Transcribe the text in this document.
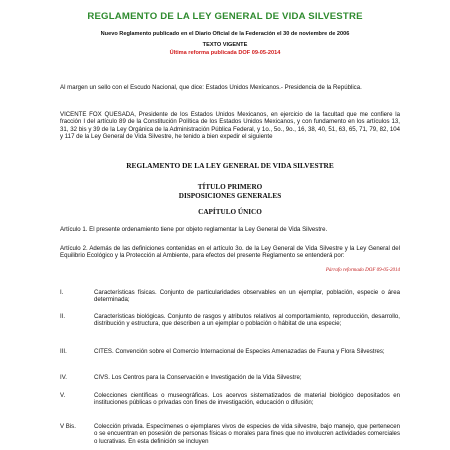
REGLAMENTO DE LA LEY GENERAL DE VIDA SILVESTRE
Nuevo Reglamento publicado en el Diario Oficial de la Federación el 30 de noviembre de 2006
TEXTO VIGENTE
Última reforma publicada DOF 09-05-2014
Al margen un sello con el Escudo Nacional, que dice: Estados Unidos Mexicanos.- Presidencia de la República.
VICENTE FOX QUESADA, Presidente de los Estados Unidos Mexicanos, en ejercicio de la facultad que me confiere la fracción I del artículo 89 de la Constitución Política de los Estados Unidos Mexicanos, y con fundamento en los artículos 13, 31, 32 bis y 39 de la Ley Orgánica de la Administración Pública Federal, y 1o., 5o., 9o., 16, 38, 40, 51, 63, 65, 71, 79, 82, 104 y 117 de la Ley General de Vida Silvestre, he tenido a bien expedir el siguiente
REGLAMENTO DE LA LEY GENERAL DE VIDA SILVESTRE
TÍTULO PRIMERO
DISPOSICIONES GENERALES
CAPÍTULO ÚNICO
Artículo 1. El presente ordenamiento tiene por objeto reglamentar la Ley General de Vida Silvestre.
Artículo 2. Además de las definiciones contenidas en el artículo 3o. de la Ley General de Vida Silvestre y la Ley General del Equilibrio Ecológico y la Protección al Ambiente, para efectos del presente Reglamento se entenderá por:
Párrafo reformado DOF 09-05-2014
I.	Características físicas. Conjunto de particularidades observables en un ejemplar, población, especie o área determinada;
II.	Características biológicas. Conjunto de rasgos y atributos relativos al comportamiento, reproducción, desarrollo, distribución y estructura, que describen a un ejemplar o población o hábitat de una especie;
III.	CITES. Convención sobre el Comercio Internacional de Especies Amenazadas de Fauna y Flora Silvestres;
IV.	CIVS. Los Centros para la Conservación e Investigación de la Vida Silvestre;
V.	Colecciones científicas o museográficas. Los acervos sistematizados de material biológico depositados en instituciones públicas o privadas con fines de investigación, educación o difusión;
V Bis.	Colección privada. Especímenes o ejemplares vivos de especies de vida silvestre, bajo manejo, que pertenecen o se encuentran en posesión de personas físicas o morales para fines que no involucren actividades comerciales o lucrativas. En esta definición se incluyen
